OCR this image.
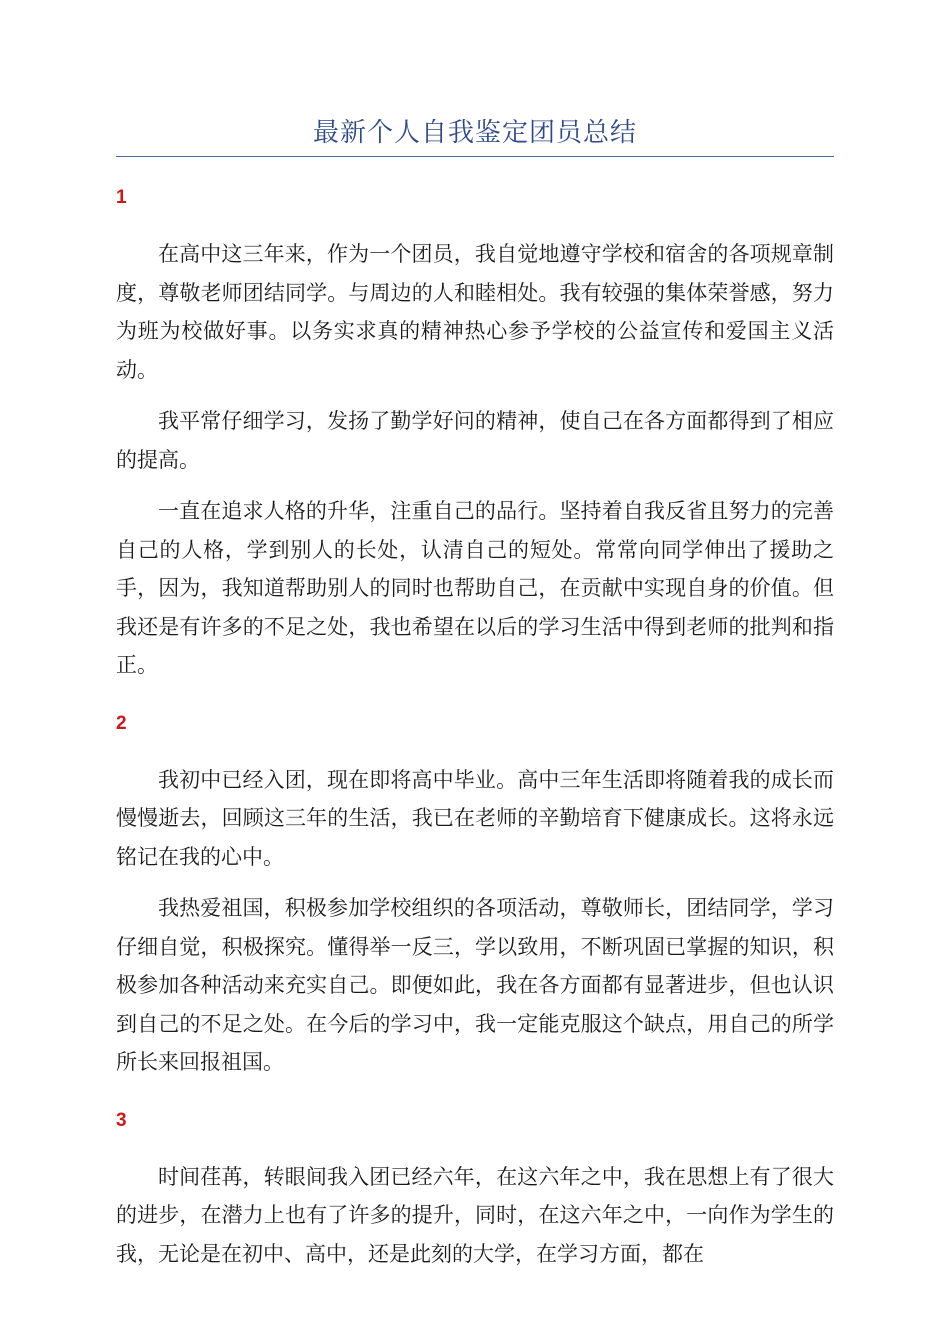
最新个人自我鉴定团员总结
1

在高中这三年来，作为一个团员，我自觉地遵守学校和宿舍的各项规章制度，尊敬老师团结同学。与周边的人和睦相处。我有较强的集体荣誉感，努力为班为校做好事。以务实求真的精神热心参予学校的公益宣传和爱国主义活动。

我平常仔细学习，发扬了勤学好问的精神，使自己在各方面都得到了相应的提高。

一直在追求人格的升华，注重自己的品行。坚持着自我反省且努力的完善自己的人格，学到别人的长处，认清自己的短处。常常向同学伸出了援助之手，因为，我知道帮助别人的同时也帮助自己，在贡献中实现自身的价值。但我还是有许多的不足之处，我也希望在以后的学习生活中得到老师的批判和指正。

2

我初中已经入团，现在即将高中毕业。高中三年生活即将随着我的成长而慢慢逝去，回顾这三年的生活，我已在老师的辛勤培育下健康成长。这将永远铭记在我的心中。

我热爱祖国，积极参加学校组织的各项活动，尊敬师长，团结同学，学习仔细自觉，积极探究。懂得举一反三，学以致用，不断巩固已掌握的知识，积极参加各种活动来充实自己。即便如此，我在各方面都有显著进步，但也认识到自己的不足之处。在今后的学习中，我一定能克服这个缺点，用自己的所学所长来回报祖国。

3

时间荏苒，转眼间我入团已经六年，在这六年之中，我在思想上有了很大的进步，在潜力上也有了许多的提升，同时，在这六年之中，一向作为学生的我，无论是在初中、高中，还是此刻的大学，在学习方面，都在
